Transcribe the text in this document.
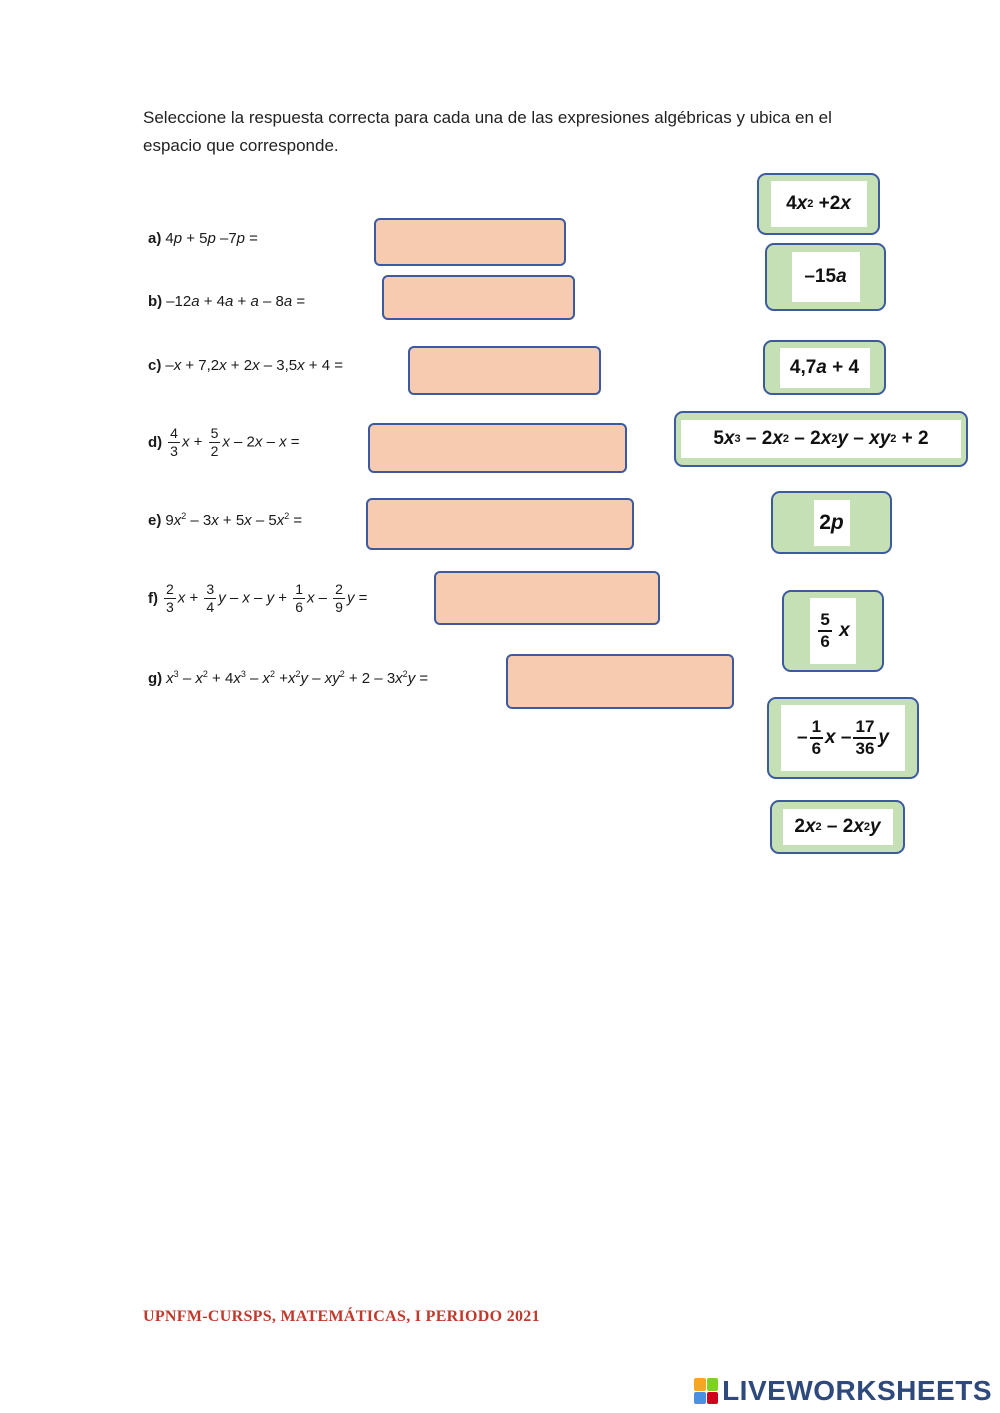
Seleccione la respuesta correcta para cada una de las expresiones algébricas y ubica en el espacio que corresponde.
a) 4p + 5p –7p =
b) –12a + 4a + a – 8a =
c) –x + 7,2x + 2x – 3,5x + 4 =
$d) \frac{4}{3}$ $x + \frac{5}{2}$ x – 2x – x =
e) $9x^2 - 3x + 5x - 5x^2$ =
$f) \frac{2}{3}$ $x + \frac{3}{4}$ $y - x - y + \frac{1}{6}$ x – $\frac{2}{9}$ y =
g) $x^3 - x^2 + 4x^3 - x^2 +x^2y - xy^2 + 2 - 3x^2y$ =
4 x 2 +2 x
–15 a
4,7 a + 4
5 x 3 – 2 x 2 – 2 x 2 y – xy 2 + 2
2 p
$\frac{5}{6}$
x
– $\frac{1}{6}$ x – $\frac{17}{36}$ y
2 x 2 – 2 x 2 y
UPNFM-CURSPS, MATEMÁTICAS, I PERIODO 2021
LIVEWORKSHEETS
